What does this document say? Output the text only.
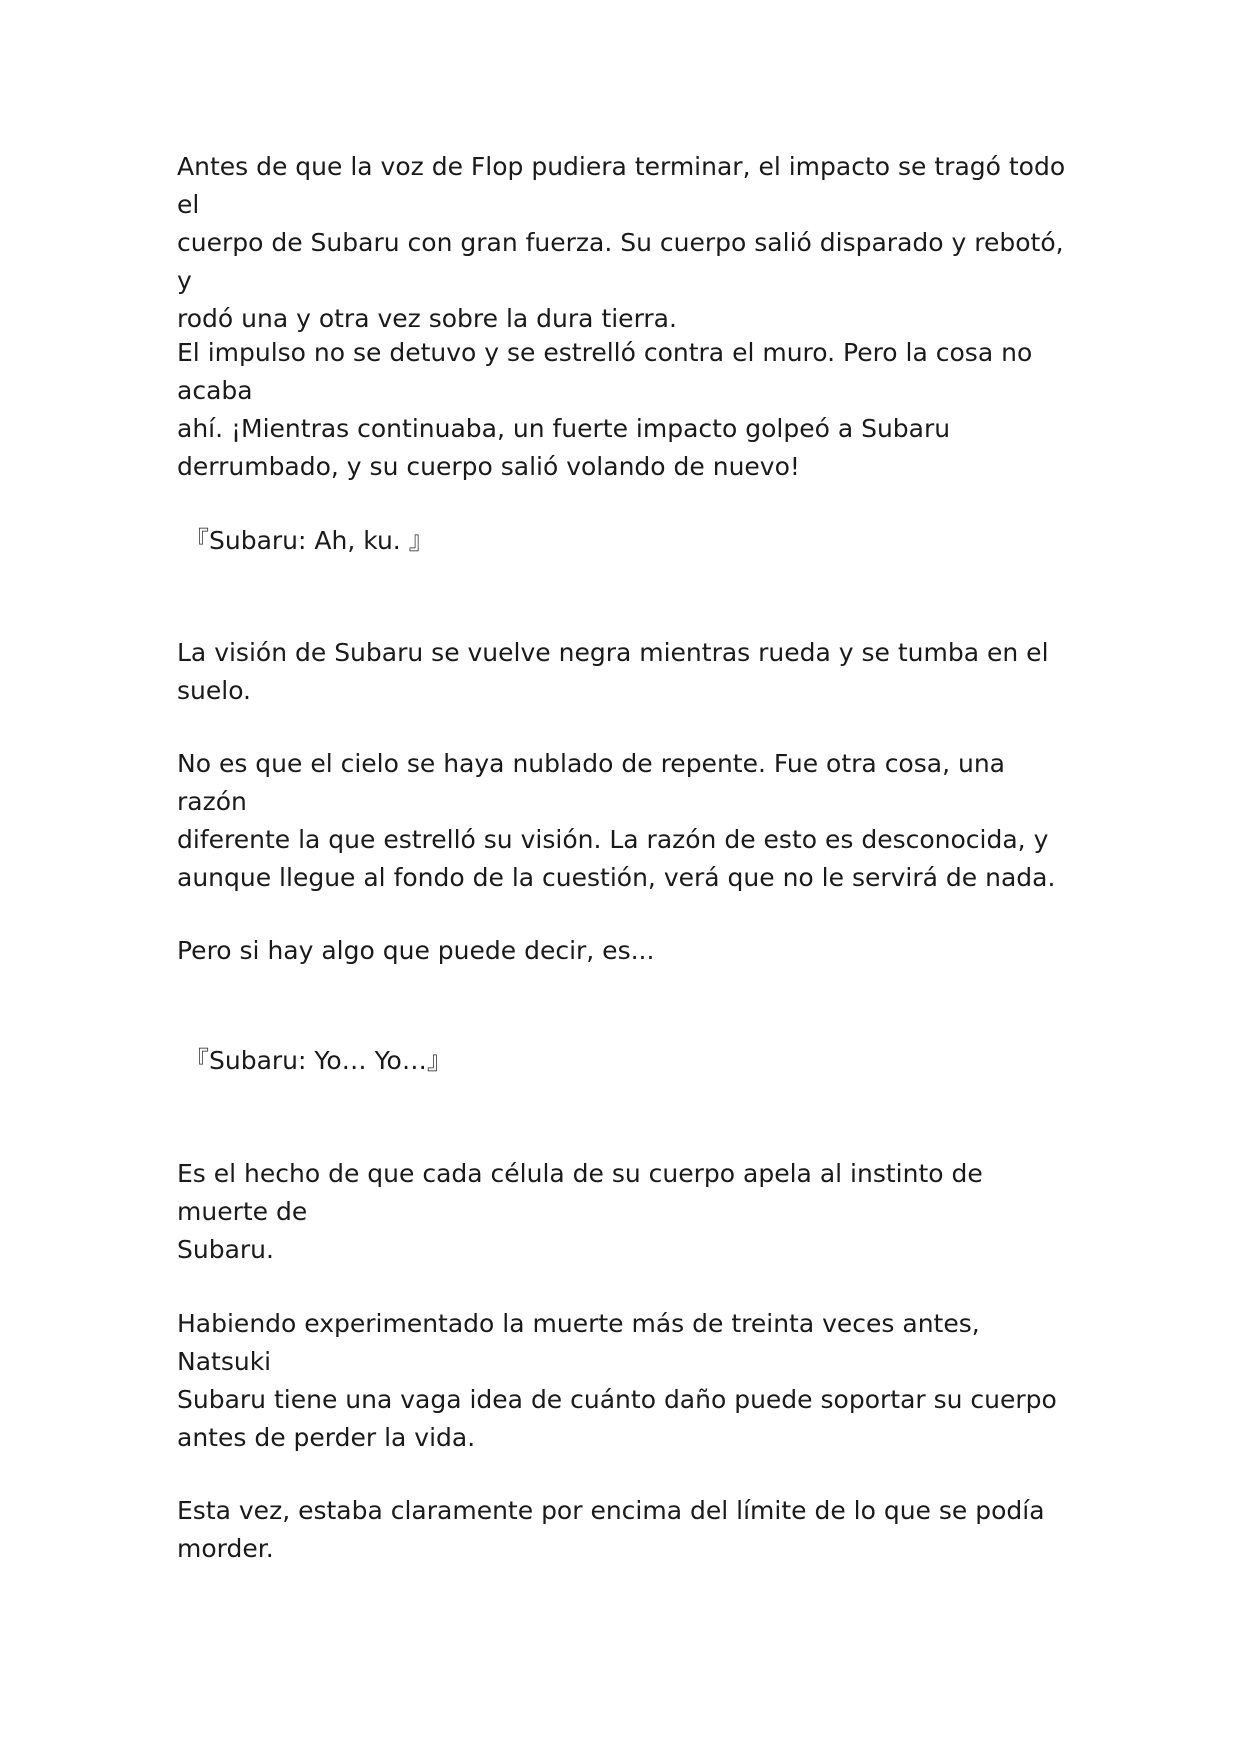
Antes de que la voz de Flop pudiera terminar, el impacto se tragó todo el
cuerpo de Subaru con gran fuerza. Su cuerpo salió disparado y rebotó, y
rodó una y otra vez sobre la dura tierra.

El impulso no se detuvo y se estrelló contra el muro. Pero la cosa no acaba
ahí. ¡Mientras continuaba, un fuerte impacto golpeó a Subaru
derrumbado, y su cuerpo salió volando de nuevo!

『Subaru: Ah, ku. 』

La visión de Subaru se vuelve negra mientras rueda y se tumba en el suelo.

No es que el cielo se haya nublado de repente. Fue otra cosa, una razón
diferente la que estrelló su visión. La razón de esto es desconocida, y
aunque llegue al fondo de la cuestión, verá que no le servirá de nada.

Pero si hay algo que puede decir, es...

『Subaru: Yo… Yo…』

Es el hecho de que cada célula de su cuerpo apela al instinto de muerte de
Subaru.

Habiendo experimentado la muerte más de treinta veces antes, Natsuki
Subaru tiene una vaga idea de cuánto daño puede soportar su cuerpo
antes de perder la vida.

Esta vez, estaba claramente por encima del límite de lo que se podía
morder.
